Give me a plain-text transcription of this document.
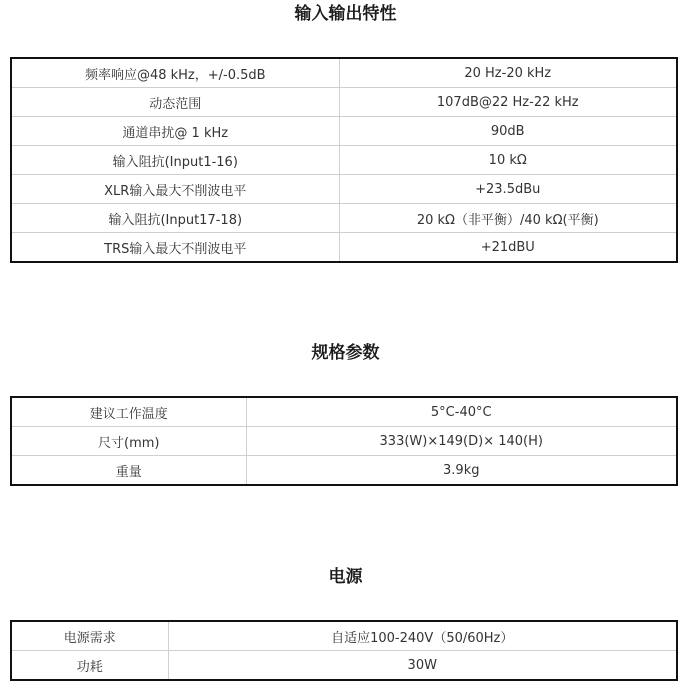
输入输出特性
频率响应@48 kHz，+/-0.5dB	20 Hz-20 kHz
动态范围	107dB@22 Hz-22 kHz
通道串扰@ 1 kHz	90dB
输入阻抗(Input1-16)	10 kΩ
XLR输入最大不削波电平	+23.5dBu
输入阻抗(Input17-18)	20 kΩ（非平衡）/40 kΩ(平衡)
TRS输入最大不削波电平	+21dBU
规格参数
建议工作温度	5°C-40°C
尺寸(mm)	333(W)×149(D)× 140(H)
重量	3.9kg
电源
电源需求	自适应100-240V（50/60Hz）
功耗	30W
